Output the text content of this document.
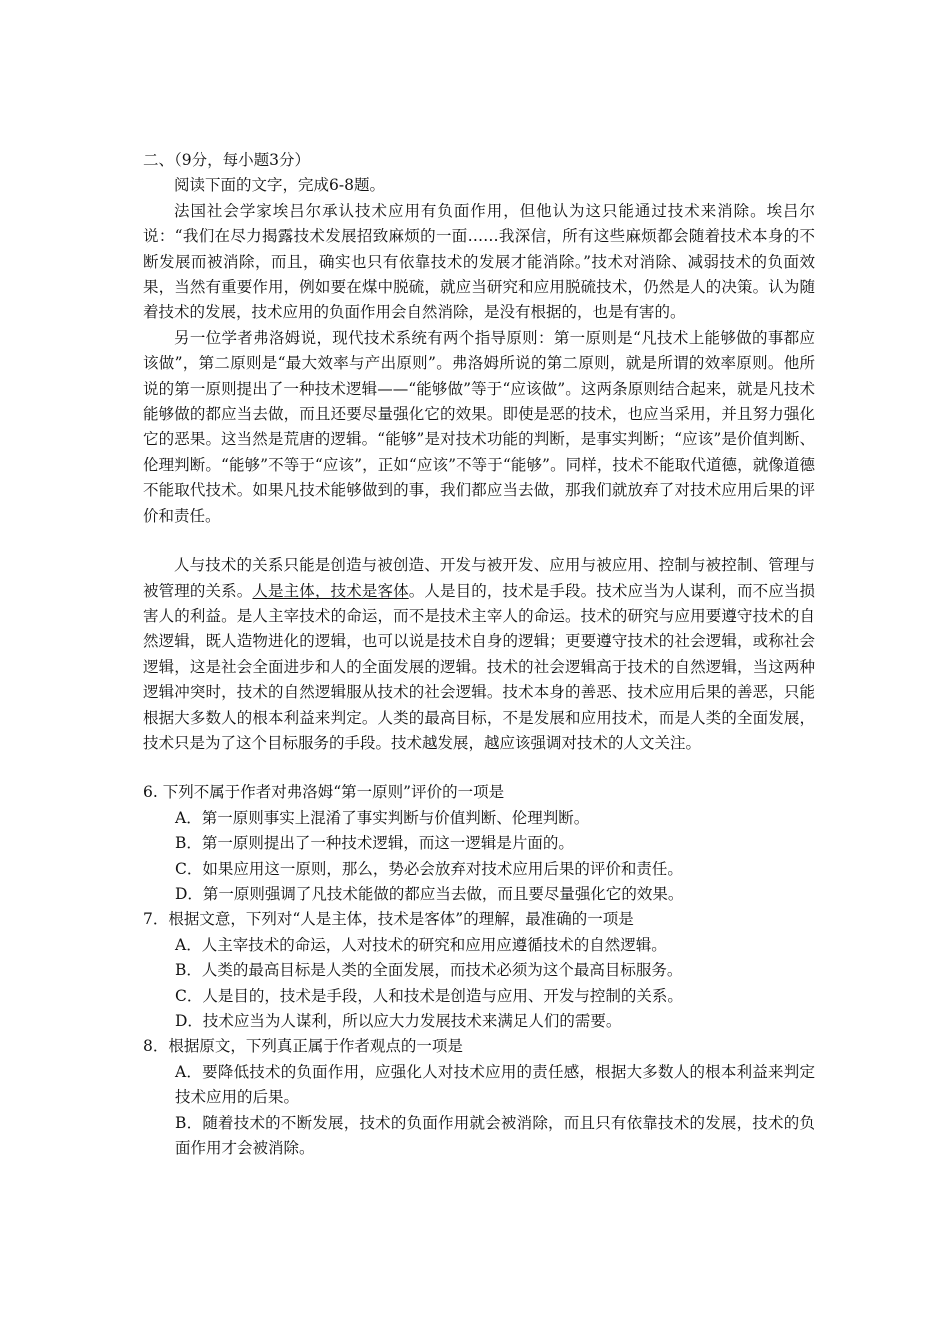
二、（9分，每小题3分）

阅读下面的文字，完成6-8题。

法国社会学家埃吕尔承认技术应用有负面作用，但他认为这只能通过技术来消除。埃吕尔说：“我们在尽力揭露技术发展招致麻烦的一面……我深信，所有这些麻烦都会随着技术本身的不断发展而被消除，而且，确实也只有依靠技术的发展才能消除。”技术对消除、减弱技术的负面效果，当然有重要作用，例如要在煤中脱硫，就应当研究和应用脱硫技术，仍然是人的决策。认为随着技术的发展，技术应用的负面作用会自然消除，是没有根据的，也是有害的。

另一位学者弗洛姆说，现代技术系统有两个指导原则：第一原则是“凡技术上能够做的事都应该做”，第二原则是“最大效率与产出原则”。弗洛姆所说的第二原则，就是所谓的效率原则。他所说的第一原则提出了一种技术逻辑——“能够做”等于“应该做”。这两条原则结合起来，就是凡技术能够做的都应当去做，而且还要尽量强化它的效果。即使是恶的技术，也应当采用，并且努力强化它的恶果。这当然是荒唐的逻辑。“能够”是对技术功能的判断，是事实判断；“应该”是价值判断、伦理判断。“能够”不等于“应该”，正如“应该”不等于“能够”。同样，技术不能取代道德，就像道德不能取代技术。如果凡技术能够做到的事，我们都应当去做，那我们就放弃了对技术应用后果的评价和责任。

人与技术的关系只能是创造与被创造、开发与被开发、应用与被应用、控制与被控制、管理与被管理的关系。人是主体，技术是客体。人是目的，技术是手段。技术应当为人谋利，而不应当损害人的利益。是人主宰技术的命运，而不是技术主宰人的命运。技术的研究与应用要遵守技术的自然逻辑，既人造物进化的逻辑，也可以说是技术自身的逻辑；更要遵守技术的社会逻辑，或称社会逻辑，这是社会全面进步和人的全面发展的逻辑。技术的社会逻辑高于技术的自然逻辑，当这两种逻辑冲突时，技术的自然逻辑服从技术的社会逻辑。技术本身的善恶、技术应用后果的善恶，只能根据大多数人的根本利益来判定。人类的最高目标，不是发展和应用技术，而是人类的全面发展，技术只是为了这个目标服务的手段。技术越发展，越应该强调对技术的人文关注。

6. 下列不属于作者对弗洛姆“第一原则”评价的一项是

A．第一原则事实上混淆了事实判断与价值判断、伦理判断。

B．第一原则提出了一种技术逻辑，而这一逻辑是片面的。

C．如果应用这一原则，那么，势必会放弃对技术应用后果的评价和责任。

D．第一原则强调了凡技术能做的都应当去做，而且要尽量强化它的效果。

7．根据文意，下列对“人是主体，技术是客体”的理解，最准确的一项是

A．人主宰技术的命运，人对技术的研究和应用应遵循技术的自然逻辑。

B．人类的最高目标是人类的全面发展，而技术必须为这个最高目标服务。

C．人是目的，技术是手段，人和技术是创造与应用、开发与控制的关系。

D．技术应当为人谋利，所以应大力发展技术来满足人们的需要。

8．根据原文，下列真正属于作者观点的一项是

A．要降低技术的负面作用，应强化人对技术应用的责任感，根据大多数人的根本利益来判定技术应用的后果。

B．随着技术的不断发展，技术的负面作用就会被消除，而且只有依靠技术的发展，技术的负面作用才会被消除。
